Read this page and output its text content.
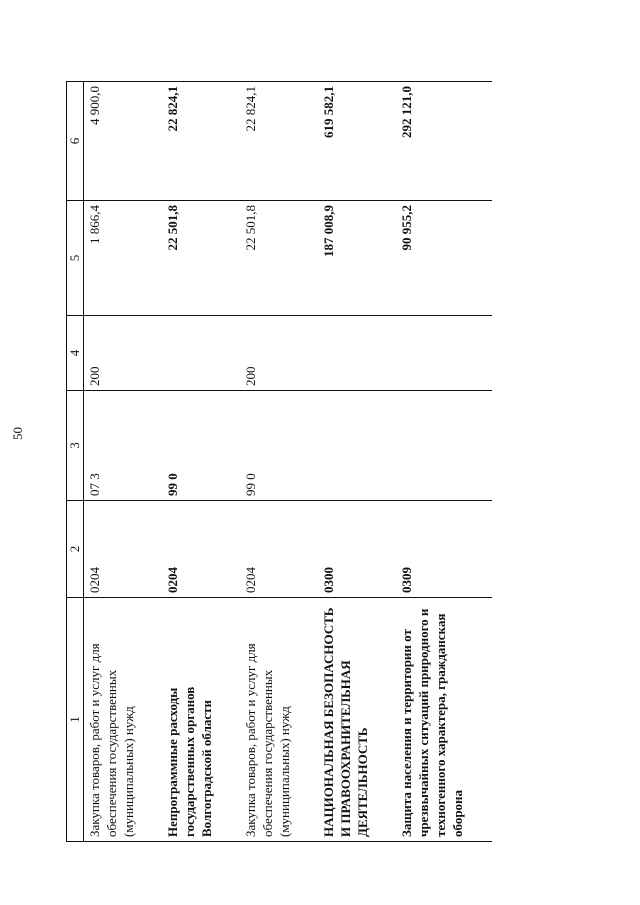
50
1	2	3	4	5	6
Закупка товаров, работ и услуг для обеспечения государственных (муниципальных) нужд	0204	07 3	200	1 866,4	4 900,0
Непрограммные расходы государственных органов Волгоградской области	0204	99 0		22 501,8	22 824,1
Закупка товаров, работ и услуг для обеспечения государственных (муниципальных) нужд	0204	99 0	200	22 501,8	22 824,1
НАЦИОНАЛЬНАЯ БЕЗОПАСНОСТЬ И ПРАВООХРАНИТЕЛЬНАЯ ДЕЯТЕЛЬНОСТЬ	0300			187 008,9	619 582,1
Защита населения и территории от чрезвычайных ситуаций природного и техногенного характера, гражданская оборона	0309			90 955,2	292 121,0
